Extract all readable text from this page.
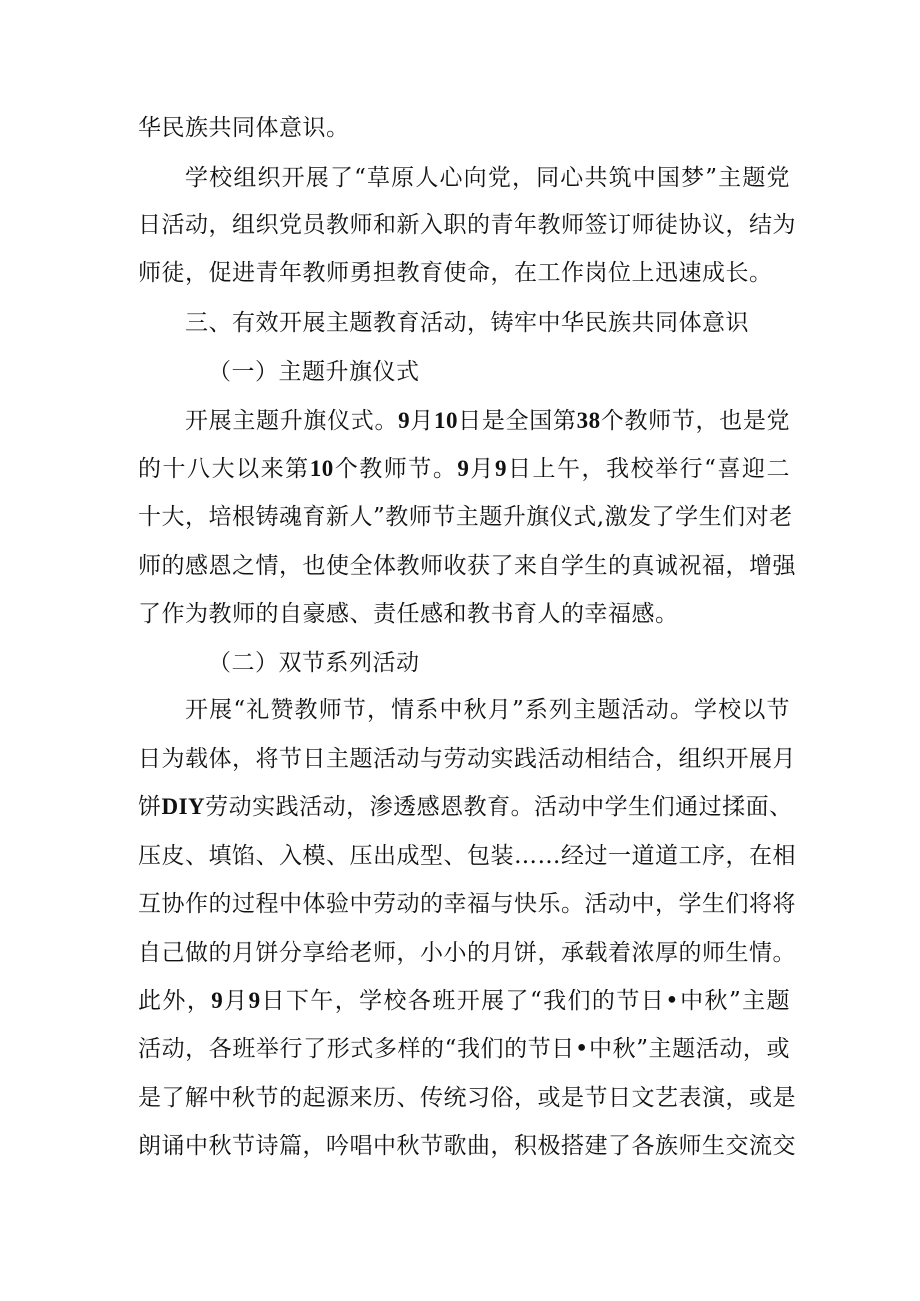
华民族共同体意识。
学校组织开展了“草原人心向党，同心共筑中国梦”主题党
日活动，组织党员教师和新入职的青年教师签订师徒协议，结为
师徒，促进青年教师勇担教育使命，在工作岗位上迅速成长。
三、有效开展主题教育活动，铸牢中华民族共同体意识
（一）主题升旗仪式
开展主题升旗仪式。9月10日是全国第38个教师节，也是党
的十八大以来第10个教师节。9月9日上午，我校举行“喜迎二
十大，培根铸魂育新人”教师节主题升旗仪式,激发了学生们对老
师的感恩之情，也使全体教师收获了来自学生的真诚祝福，增强
了作为教师的自豪感、责任感和教书育人的幸福感。
（二）双节系列活动
开展“礼赞教师节，情系中秋月”系列主题活动。学校以节
日为载体，将节日主题活动与劳动实践活动相结合，组织开展月
饼DIY劳动实践活动，渗透感恩教育。活动中学生们通过揉面、
压皮、填馅、入模、压出成型、包装……经过一道道工序，在相
互协作的过程中体验中劳动的幸福与快乐。活动中，学生们将将
自己做的月饼分享给老师，小小的月饼，承载着浓厚的师生情。
此外，9月9日下午，学校各班开展了“我们的节日•中秋”主题
活动，各班举行了形式多样的“我们的节日•中秋”主题活动，或
是了解中秋节的起源来历、传统习俗，或是节日文艺表演，或是
朗诵中秋节诗篇，吟唱中秋节歌曲，积极搭建了各族师生交流交
